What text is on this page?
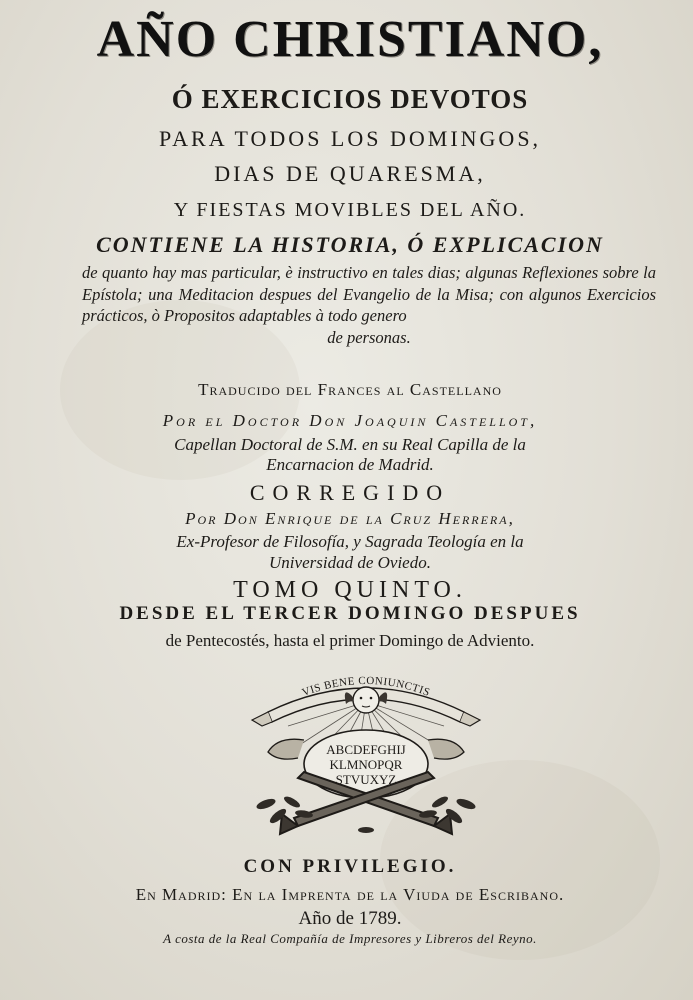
AÑO CHRISTIANO,
Ó EXERCICIOS DEVOTOS
PARA TODOS LOS DOMINGOS,
DIAS DE QUARESMA,
Y FIESTAS MOVIBLES DEL AÑO.
CONTIENE LA HISTORIA, Ó EXPLICACION
de quanto hay mas particular, è instructivo en tales dias; algunas Reflexiones sobre la Epístola; una Meditacion despues del Evangelio de la Misa; con algunos Exercicios prácticos, ò Propositos adaptables à todo genero
de personas.
Traducido del Frances al Castellano
Por el Doctor Don Joaquin Castellot,
Capellan Doctoral de S.M. en su Real Capilla de la
Encarnacion de Madrid.
CORREGIDO
Por Don Enrique de la Cruz Herrera,
Ex-Profesor de Filosofía, y Sagrada Teología en la
Universidad de Oviedo.
TOMO QUINTO.
DESDE EL TERCER DOMINGO DESPUES
de Pentecostés, hasta el primer Domingo de Adviento.
VIS BENE CONIUNCTIS
ABCDEFGHIJ
KLMNOPQR
STVUXYZ
CON PRIVILEGIO.
En Madrid: En la Imprenta de la Viuda de Escribano.
Año de 1789.
A costa de la Real Compañía de Impresores y Libreros del Reyno.
